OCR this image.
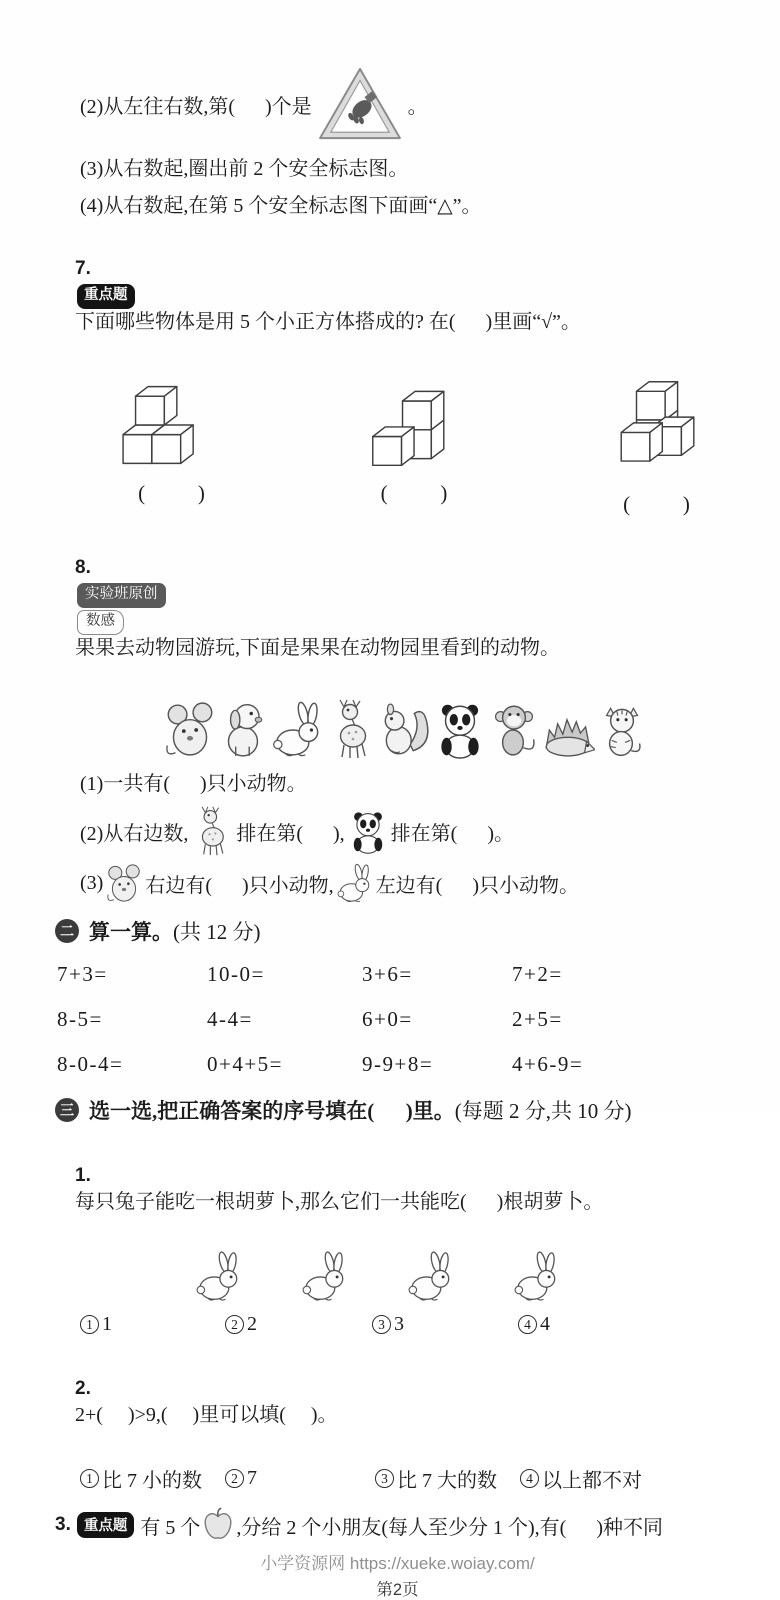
(2)从左往右数,第(      )个是	。
(3)从右数起,圈出前 2 个安全标志图。
(4)从右数起,在第 5 个安全标志图下面画“△”。

7.
重点题
下面哪些物体是用 5 个小正方体搭成的? 在(      )里画“√”。

(       )	(       )	(       )

8.
实验班原创
数感
果果去动物园游玩,下面是果果在动物园里看到的动物。

(1)一共有(      )只小动物。
(2)从右边数, 排在第(      ), 排在第(      )。
(3) 右边有(      )只小动物, 左边有(      )只小动物。
二 算一算。 (共 12 分)
7+3=	10-0=	3+6=	7+2=
8-5=	4-4=	6+0=	2+5=
8-0-4=	0+4+5=	9-9+8=	4+6-9=
三 选一选,把正确答案的序号填在(      )里。 (每题 2 分,共 10 分)

1.
每只兔子能吃一根胡萝卜,那么它们一共能吃(      )根胡萝卜。

1 1	2 2	3 3	4 4

2.
2+(     )>9,(     )里可以填(     )。

1 比 7 小的数	2 7	3 比 7 大的数	4 以上都不对
3. 重点题 有 5 个 ,分给 2 个小朋友(每人至少分 1 个),有(      )种不同
小学资源网 https://xueke.woiay.com/
第2页
